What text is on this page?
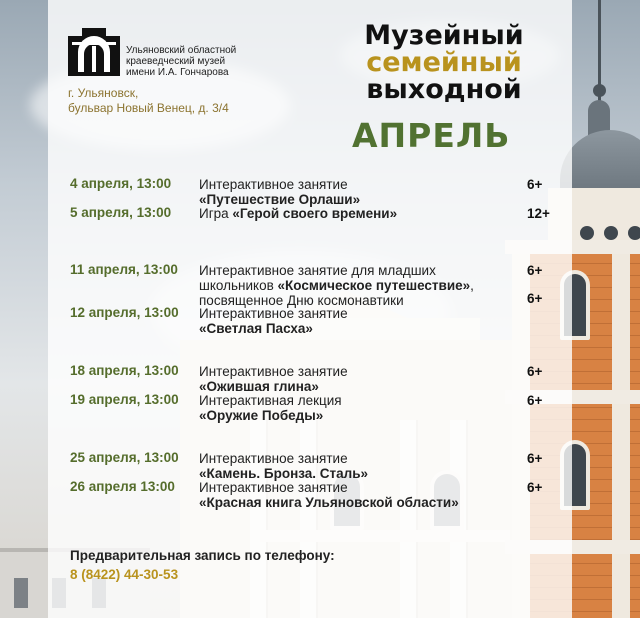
Ульяновский областной
краеведческий музей
имени И.А. Гончарова
г. Ульяновск,
бульвар Новый Венец, д. 3/4
Музейный
семейный
выходной
АПРЕЛЬ
4 апреля, 13:00 Интерактивное занятие
«Путешествие Орлаши»
6+
5 апреля, 13:00 Игра «Герой своего времени»	12+
11 апреля, 13:00 Интерактивное занятие для младших
школьников «Космическое путешествие»,
посвященное Дню космонавтики
6+
12 апреля, 13:00 Интерактивное занятие
«Светлая Пасха»
6+
18 апреля, 13:00 Интерактивное занятие
«Ожившая глина»
6+
19 апреля, 13:00 Интерактивная лекция
«Оружие Победы»
6+
25 апреля, 13:00 Интерактивное занятие
«Камень. Бронза. Сталь»
6+
26 апреля 13:00 Интерактивное занятие
«Красная книга Ульяновской области»
6+
Предварительная запись по телефону:
8 (8422) 44-30-53
